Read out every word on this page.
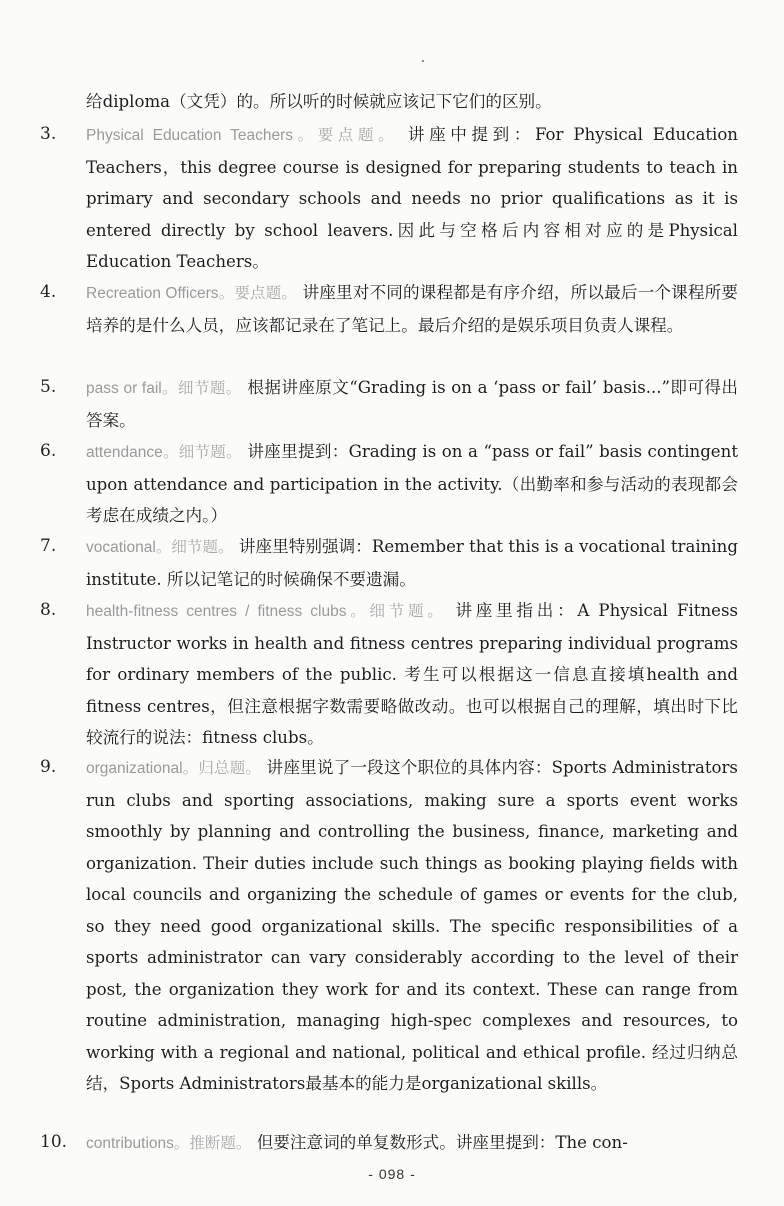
给diploma（文凭）的。所以听的时候就应该记下它们的区别。
3.	Physical Education Teachers。要点题。 讲座中提到：For Physical Education Teachers，this degree course is designed for preparing students to teach in primary and secondary schools and needs no prior qualifications as it is entered directly by school leavers.因此与空格后内容相对应的是Physical Education Teachers。
4.	Recreation Officers。要点题。 讲座里对不同的课程都是有序介绍，所以最后一个课程所要培养的是什么人员，应该都记录在了笔记上。最后介绍的是娱乐项目负责人课程。
5.	pass or fail。细节题。 根据讲座原文“Grading is on a ‘pass or fail’ basis...”即可得出答案。
6.	attendance。细节题。 讲座里提到：Grading is on a “pass or fail” basis contingent upon attendance and participation in the activity.（出勤率和参与活动的表现都会考虑在成绩之内。）
7.	vocational。细节题。 讲座里特别强调：Remember that this is a vocational training institute. 所以记笔记的时候确保不要遗漏。
8.	health-fitness centres / fitness clubs。细节题。 讲座里指出：A Physical Fitness Instructor works in health and fitness centres preparing individual programs for ordinary members of the public. 考生可以根据这一信息直接填health and fitness centres，但注意根据字数需要略做改动。也可以根据自己的理解，填出时下比较流行的说法：fitness clubs。
9.	organizational。归总题。 讲座里说了一段这个职位的具体内容：Sports Administrators run clubs and sporting associations, making sure a sports event works smoothly by planning and controlling the business, finance, marketing and organization. Their duties include such things as booking playing fields with local councils and organizing the schedule of games or events for the club, so they need good organizational skills. The specific responsibilities of a sports administrator can vary considerably according to the level of their post, the organization they work for and its context. These can range from routine administration, managing high-spec complexes and resources, to working with a regional and national, political and ethical profile. 经过归纳总结，Sports Administrators最基本的能力是organizational skills。
10.	contributions。推断题。 但要注意词的单复数形式。讲座里提到：The con-
- 098 -
